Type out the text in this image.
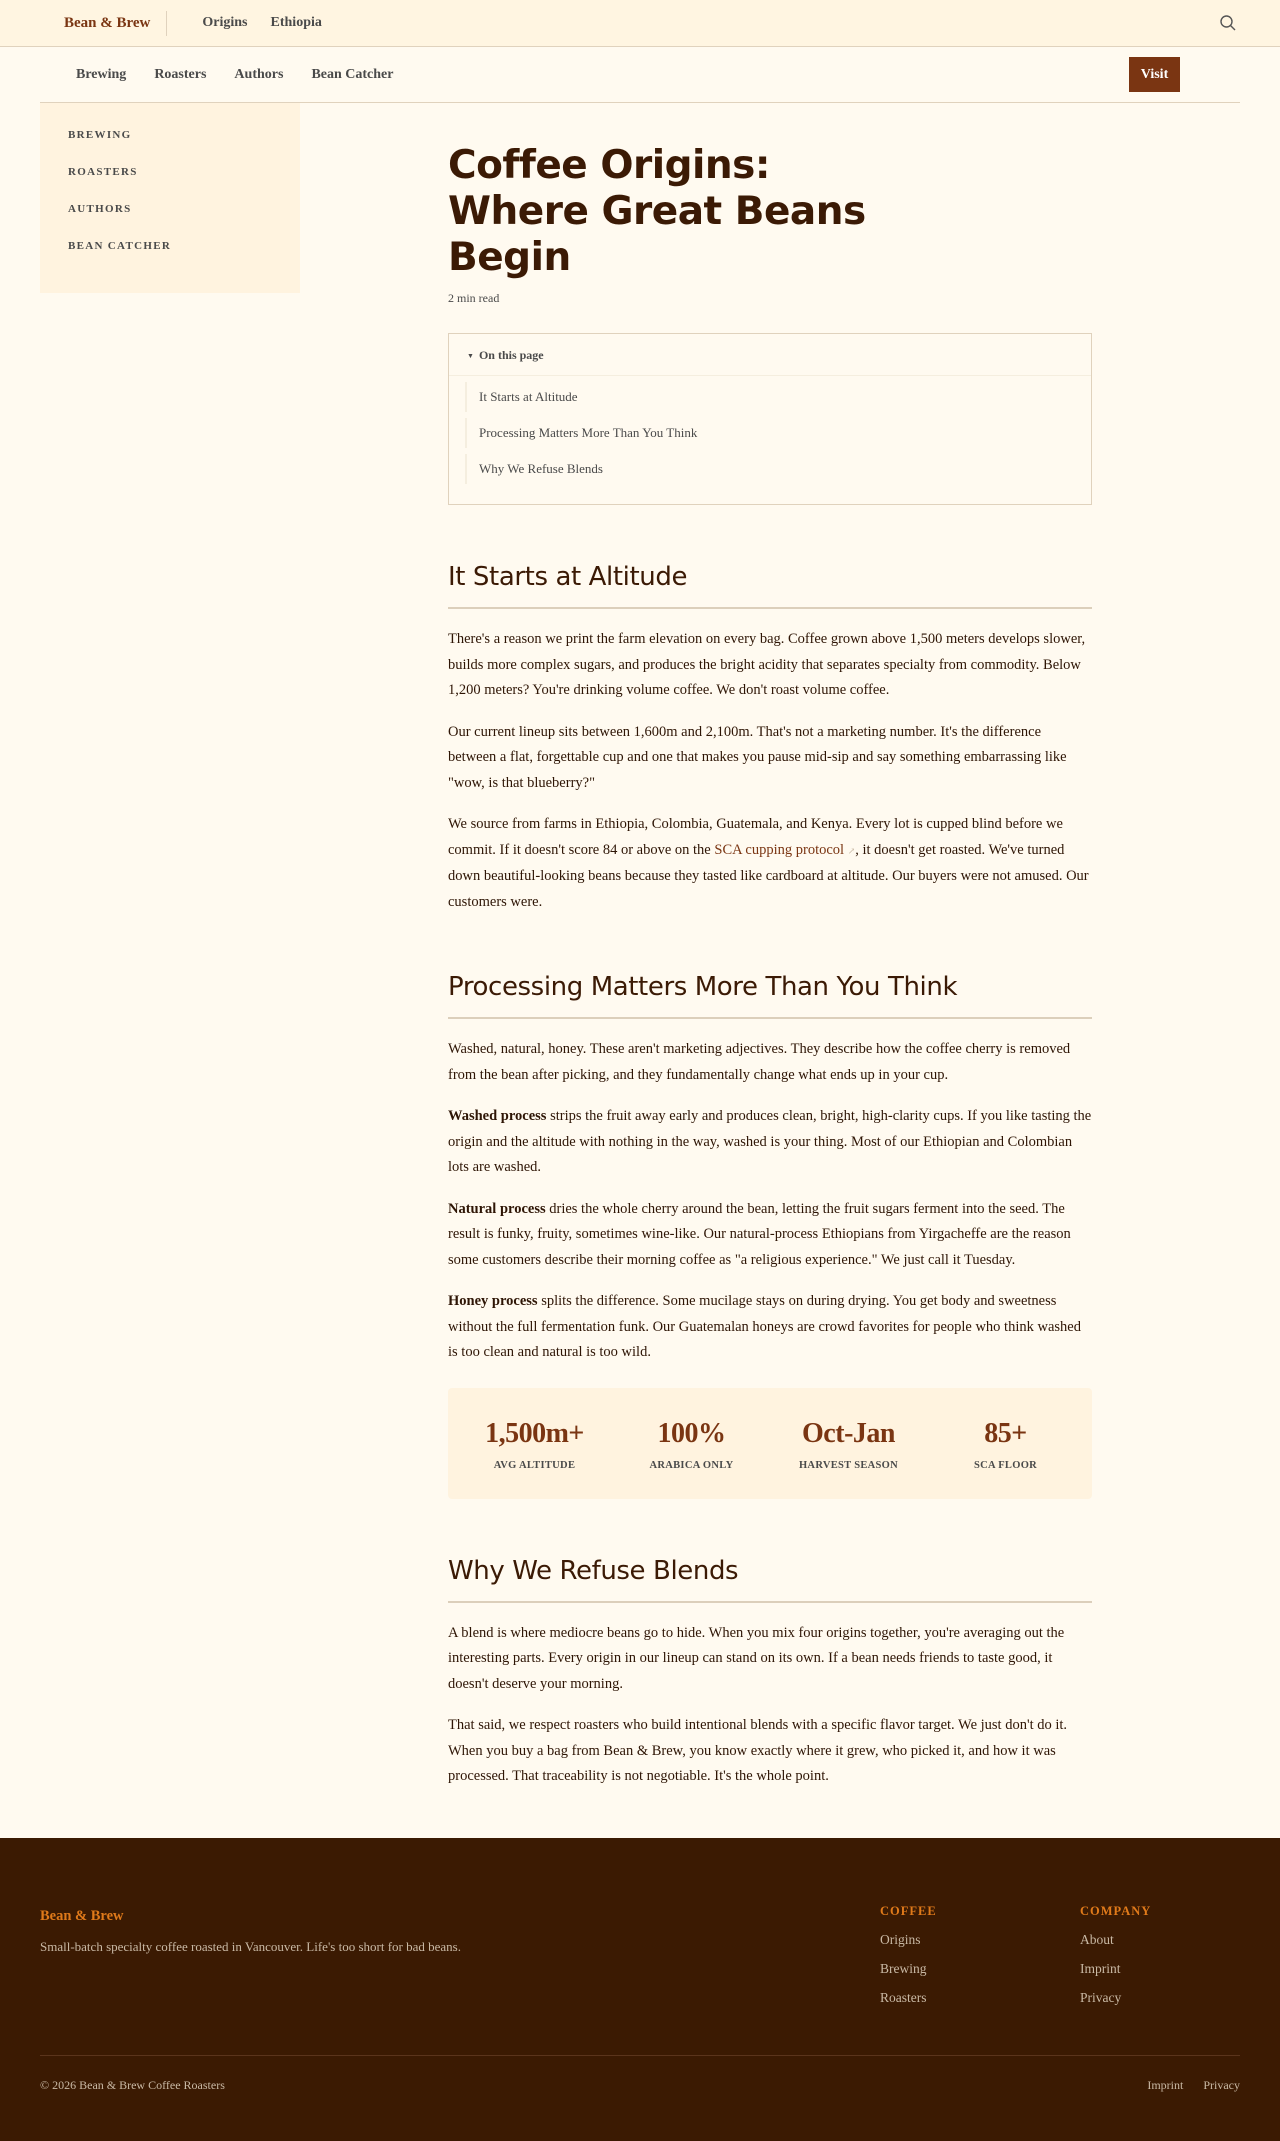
Bean & Brew	Origins Ethiopia
Brewing Roasters Authors Bean Catcher	Visit
BREWING
ROASTERS
AUTHORS
BEAN CATCHER
Coffee Origins: Where Great Beans Begin
2 min read
▼ On this page
It Starts at Altitude
Processing Matters More Than You Think
Why We Refuse Blends
It Starts at Altitude

There's a reason we print the farm elevation on every bag. Coffee grown above 1,500 meters develops slower, builds more complex sugars, and produces the bright acidity that separates specialty from commodity. Below 1,200 meters? You're drinking volume coffee. We don't roast volume coffee.

Our current lineup sits between 1,600m and 2,100m. That's not a marketing number. It's the difference between a flat, forgettable cup and one that makes you pause mid-sip and say something embarrassing like "wow, is that blueberry?"

We source from farms in Ethiopia, Colombia, Guatemala, and Kenya. Every lot is cupped blind before we commit. If it doesn't score 84 or above on the SCA cupping protocol ↗, it doesn't get roasted. We've turned down beautiful-looking beans because they tasted like cardboard at altitude. Our buyers were not amused. Our customers were.

Processing Matters More Than You Think

Washed, natural, honey. These aren't marketing adjectives. They describe how the coffee cherry is removed from the bean after picking, and they fundamentally change what ends up in your cup.

Washed process strips the fruit away early and produces clean, bright, high-clarity cups. If you like tasting the origin and the altitude with nothing in the way, washed is your thing. Most of our Ethiopian and Colombian lots are washed.

Natural process dries the whole cherry around the bean, letting the fruit sugars ferment into the seed. The result is funky, fruity, sometimes wine-like. Our natural-process Ethiopians from Yirgacheffe are the reason some customers describe their morning coffee as "a religious experience." We just call it Tuesday.

Honey process splits the difference. Some mucilage stays on during drying. You get body and sweetness without the full fermentation funk. Our Guatemalan honeys are crowd favorites for people who think washed is too clean and natural is too wild.

1,500m+
AVG ALTITUDE
100%
ARABICA ONLY
Oct-Jan
HARVEST SEASON
85+
SCA FLOOR
Why We Refuse Blends

A blend is where mediocre beans go to hide. When you mix four origins together, you're averaging out the interesting parts. Every origin in our lineup can stand on its own. If a bean needs friends to taste good, it doesn't deserve your morning.

That said, we respect roasters who build intentional blends with a specific flavor target. We just don't do it. When you buy a bag from Bean & Brew, you know exactly where it grew, who picked it, and how it was processed. That traceability is not negotiable. It's the whole point.

Bean & Brew
Small-batch specialty coffee roasted in Vancouver. Life's too short for bad beans.
COFFEE
Origins
Brewing
Roasters
COMPANY
About
Imprint
Privacy
© 2026 Bean & Brew Coffee Roasters	Imprint Privacy
